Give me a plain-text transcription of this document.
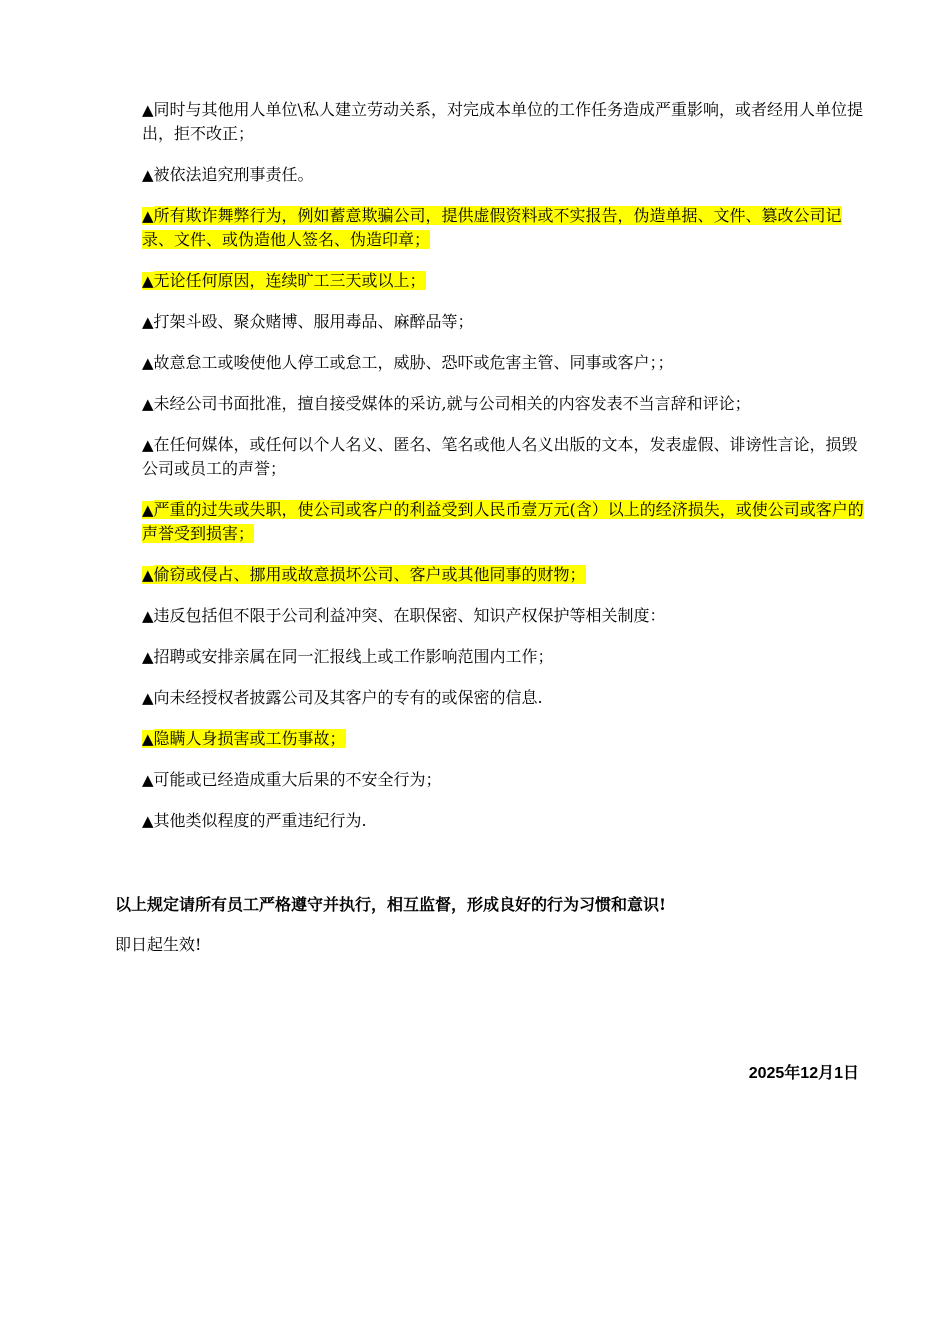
▲同时与其他用人单位\私人建立劳动关系，对完成本单位的工作任务造成严重影响，或者经用人单位提出，拒不改正；
▲被依法追究刑事责任。
▲所有欺诈舞弊行为，例如蓄意欺骗公司，提供虚假资料或不实报告，伪造单据、文件、篡改公司记录、文件、或伪造他人签名、伪造印章；
▲无论任何原因，连续旷工三天或以上；
▲打架斗殴、聚众赌博、服用毒品、麻醉品等；
▲故意怠工或唆使他人停工或怠工，威胁、恐吓或危害主管、同事或客户；；
▲未经公司书面批准，擅自接受媒体的采访,就与公司相关的内容发表不当言辞和评论；
▲在任何媒体，或任何以个人名义、匿名、笔名或他人名义出版的文本，发表虚假、诽谤性言论，损毁公司或员工的声誉；
▲严重的过失或失职，使公司或客户的利益受到人民币壹万元(含）以上的经济损失，或使公司或客户的声誉受到损害；
▲偷窃或侵占、挪用或故意损坏公司、客户或其他同事的财物；
▲违反包括但不限于公司利益冲突、在职保密、知识产权保护等相关制度：
▲招聘或安排亲属在同一汇报线上或工作影响范围内工作；
▲向未经授权者披露公司及其客户的专有的或保密的信息.
▲隐瞒人身损害或工伤事故；
▲可能或已经造成重大后果的不安全行为；
▲其他类似程度的严重违纪行为.

以上规定请所有员工严格遵守并执行，相互监督，形成良好的行为习惯和意识!

即日起生效!

2025年12月1日
